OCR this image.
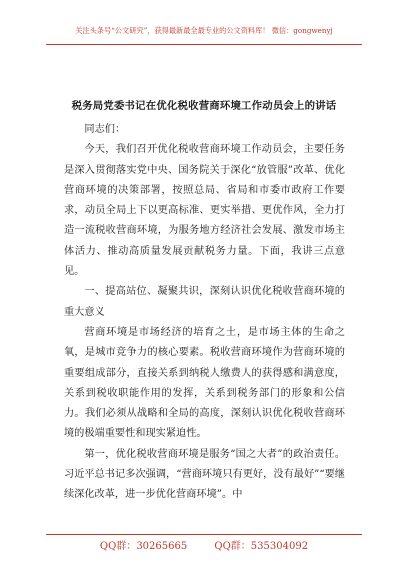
关注头条号“公文研究”，获得最新最全最专业的公文资料库！ 微信：gongwenyj
税务局党委书记在优化税收营商环境工作动员会上的讲话

同志们：

今天，我们召开优化税收营商环境工作动员会，主要任务是深入贯彻落实党中央、国务院关于深化“放管服”改革、优化营商环境的决策部署，按照总局、省局和市委市政府工作要求，动员全局上下以更高标准、更实举措、更优作风，全力打造一流税收营商环境，为服务地方经济社会发展、激发市场主体活力、推动高质量发展贡献税务力量。下面，我讲三点意见。

一、提高站位、凝聚共识，深刻认识优化税收营商环境的重大意义

营商环境是市场经济的培育之土，是市场主体的生命之氧，是城市竞争力的核心要素。税收营商环境作为营商环境的重要组成部分，直接关系到纳税人缴费人的获得感和满意度，关系到税收职能作用的发挥，关系到税务部门的形象和公信力。我们必须从战略和全局的高度，深刻认识优化税收营商环境的极端重要性和现实紧迫性。

第一，优化税收营商环境是服务“国之大者”的政治责任。习近平总书记多次强调，“营商环境只有更好，没有最好”“要继续深化改革，进一步优化营商环境”。中

QQ群：30265665	QQ群：535304092
